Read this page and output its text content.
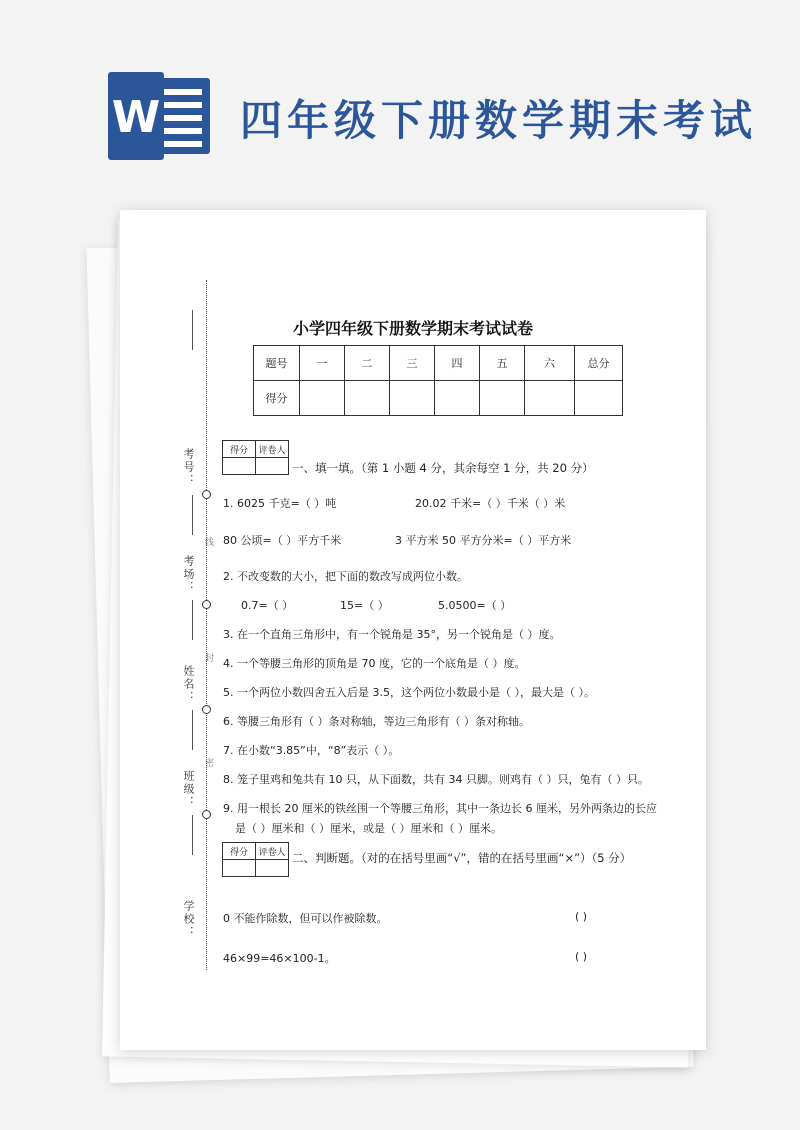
W 四年级下册数学期末考试
线
封
密
考号：
考场：
姓名：
班级：
学校：
小学四年级下册数学期末考试试卷
题号	一	二	三	四	五	六	总分
得分							
得分	评卷人

一、填一填。（第 1 小题 4 分，其余每空 1 分，共 20 分）
1. 6025 千克=（ ）吨	20.02 千米=（ ）千米（ ）米
80 公顷=（ ）平方千米	3 平方米 50 平方分米=（ ）平方米
2. 不改变数的大小，把下面的数改写成两位小数。
0.7=（ ）	15=（ ）	5.0500=（ ）
3. 在一个直角三角形中，有一个锐角是 35°，另一个锐角是（ ）度。
4. 一个等腰三角形的顶角是 70 度，它的一个底角是（ ）度。
5. 一个两位小数四舍五入后是 3.5，这个两位小数最小是（ ），最大是（ ）。
6. 等腰三角形有（ ）条对称轴，等边三角形有（ ）条对称轴。
7. 在小数“3.85”中，“8”表示（ ）。
8. 笼子里鸡和兔共有 10 只，从下面数，共有 34 只脚。则鸡有（ ）只，兔有（ ）只。
9. 用一根长 20 厘米的铁丝围一个等腰三角形，其中一条边长 6 厘米，另外两条边的长应
是（ ）厘米和（ ）厘米，或是（ ）厘米和（ ）厘米。
得分	评卷人
	二、判断题。（对的在括号里画“√”，错的在括号里画“×”）（5 分）
0 不能作除数，但可以作被除数。	( )
46×99=46×100-1。	( )
